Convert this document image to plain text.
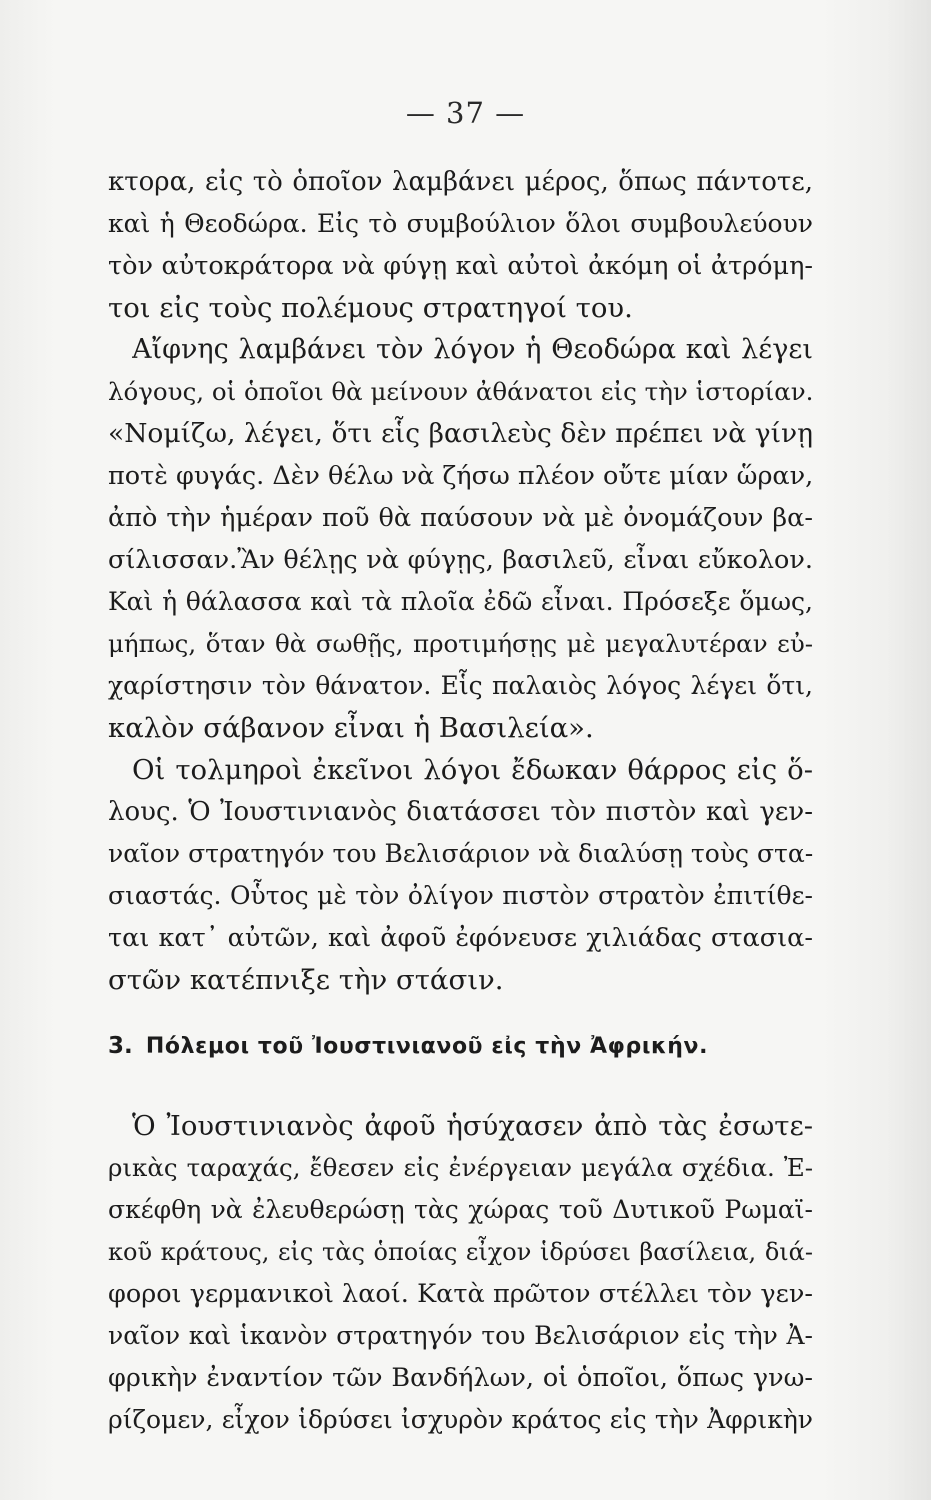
— 37 —
κτορα, εἰς τὸ ὁποῖον λαμβάνει μέρος, ὅπως πάντοτε,
καὶ ἡ Θεοδώρα. Εἰς τὸ συμβούλιον ὅλοι συμβουλεύουν
τὸν αὐτοκράτορα νὰ φύγῃ καὶ αὐτοὶ ἀκόμη οἱ ἀτρόμη-
τοι εἰς τοὺς πολέμους στρατηγοί του.
Αἴφνης λαμβάνει τὸν λόγον ἡ Θεοδώρα καὶ λέγει
λόγους, οἱ ὁποῖοι θὰ μείνουν ἀθάνατοι εἰς τὴν ἱστορίαν.
«Νομίζω, λέγει, ὅτι εἷς βασιλεὺς δὲν πρέπει νὰ γίνῃ
ποτὲ φυγάς. Δὲν θέλω νὰ ζήσω πλέον οὔτε μίαν ὥραν,
ἀπὸ τὴν ἡμέραν ποῦ θὰ παύσουν νὰ μὲ ὀνομάζουν βα-
σίλισσαν.Ἂν θέλῃς νὰ φύγῃς, βασιλεῦ, εἶναι εὔκολον.
Καὶ ἡ θάλασσα καὶ τὰ πλοῖα ἐδῶ εἶναι. Πρόσεξε ὅμως,
μήπως, ὅταν θὰ σωθῇς, προτιμήσῃς μὲ μεγαλυτέραν εὐ-
χαρίστησιν τὸν θάνατον. Εἷς παλαιὸς λόγος λέγει ὅτι,
καλὸν σάβανον εἶναι ἡ Βασιλεία».
Οἱ τολμηροὶ ἐκεῖνοι λόγοι ἔδωκαν θάρρος εἰς ὅ-
λους. Ὁ Ἰουστινιανὸς διατάσσει τὸν πιστὸν καὶ γεν-
ναῖον στρατηγόν του Βελισάριον νὰ διαλύσῃ τοὺς στα-
σιαστάς. Οὗτος μὲ τὸν ὀλίγον πιστὸν στρατὸν ἐπιτίθε-
ται κατ᾽ αὐτῶν, καὶ ἀφοῦ ἐφόνευσε χιλιάδας στασια-
στῶν κατέπνιξε τὴν στάσιν.
3. Πόλεμοι τοῦ Ἰουστινιανοῦ εἰς τὴν Ἀφρικήν.
Ὁ Ἰουστινιανὸς ἀφοῦ ἡσύχασεν ἀπὸ τὰς ἐσωτε-
ρικὰς ταραχάς, ἔθεσεν εἰς ἐνέργειαν μεγάλα σχέδια. Ἐ-
σκέφθη νὰ ἐλευθερώσῃ τὰς χώρας τοῦ Δυτικοῦ Ρωμαϊ-
κοῦ κράτους, εἰς τὰς ὁποίας εἶχον ἱδρύσει βασίλεια, διά-
φοροι γερμανικοὶ λαοί. Κατὰ πρῶτον στέλλει τὸν γεν-
ναῖον καὶ ἱκανὸν στρατηγόν του Βελισάριον εἰς τὴν Ἀ-
φρικὴν ἐναντίον τῶν Βανδήλων, οἱ ὁποῖοι, ὅπως γνω-
ρίζομεν, εἶχον ἱδρύσει ἰσχυρὸν κράτος εἰς τὴν Ἀφρικὴν
